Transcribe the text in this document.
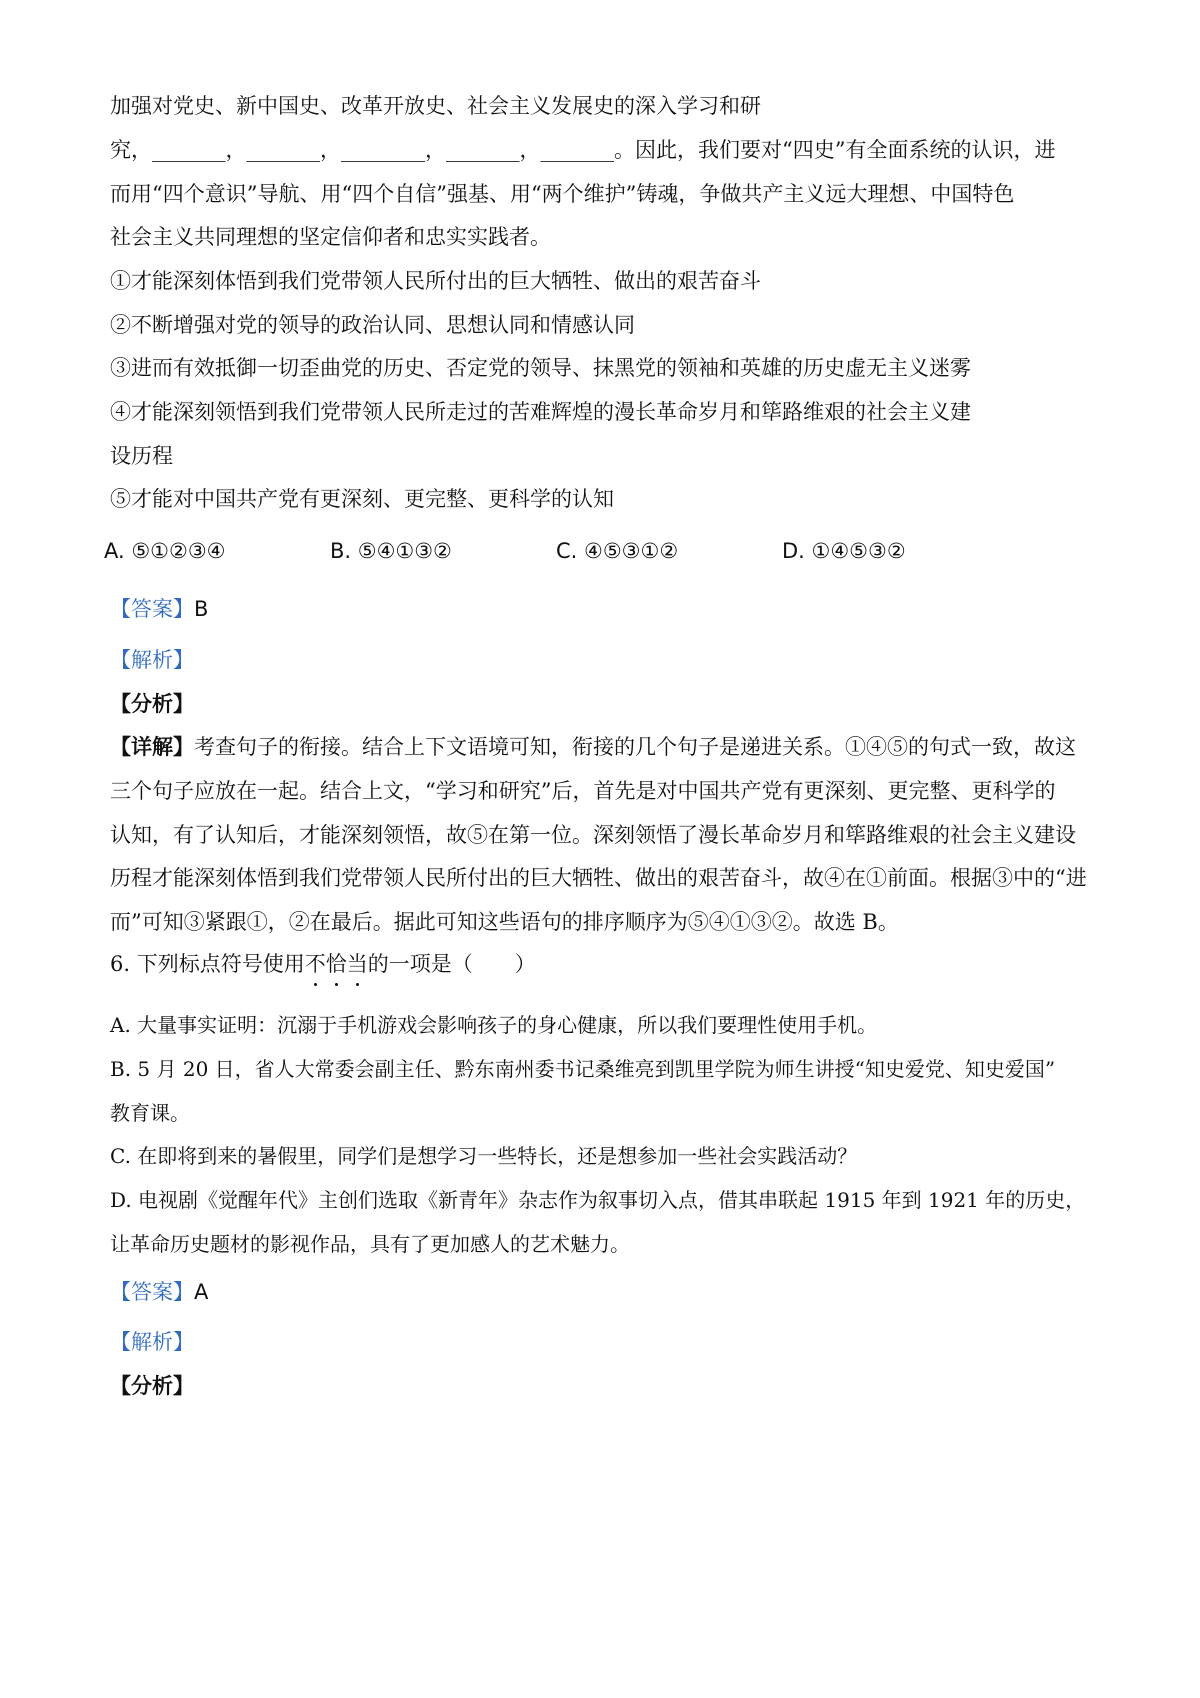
加强对党史、新中国史、改革开放史、社会主义发展史的深入学习和研
究，_______，_______，________，_______，_______。因此，我们要对“四史”有全面系统的认识，进
而用“四个意识”导航、用“四个自信”强基、用“两个维护”铸魂，争做共产主义远大理想、中国特色
社会主义共同理想的坚定信仰者和忠实实践者。
①才能深刻体悟到我们党带领人民所付出的巨大牺牲、做出的艰苦奋斗
②不断增强对党的领导的政治认同、思想认同和情感认同
③进而有效抵御一切歪曲党的历史、否定党的领导、抹黑党的领袖和英雄的历史虚无主义迷雾
④才能深刻领悟到我们党带领人民所走过的苦难辉煌的漫长革命岁月和筚路维艰的社会主义建
设历程
⑤才能对中国共产党有更深刻、更完整、更科学的认知
A. ⑤①②③④	B. ⑤④①③②	C. ④⑤③①②	D. ①④⑤③②
【答案】B
【解析】
【分析】
【详解】考查句子的衔接。结合上下文语境可知，衔接的几个句子是递进关系。①④⑤的句式一致，故这
三个句子应放在一起。结合上文，“学习和研究”后，首先是对中国共产党有更深刻、更完整、更科学的
认知，有了认知后，才能深刻领悟，故⑤在第一位。深刻领悟了漫长革命岁月和筚路维艰的社会主义建设
历程才能深刻体悟到我们党带领人民所付出的巨大牺牲、做出的艰苦奋斗，故④在①前面。根据③中的“进
而”可知③紧跟①，②在最后。据此可知这些语句的排序顺序为⑤④①③②。故选 B。
6. 下列标点符号使用不恰当的一项是（　　）
A. 大量事实证明：沉溺于手机游戏会影响孩子的身心健康，所以我们要理性使用手机。
B. 5 月 20 日，省人大常委会副主任、黔东南州委书记桑维亮到凯里学院为师生讲授“知史爱党、知史爱国”
教育课。
C. 在即将到来的暑假里，同学们是想学习一些特长，还是想参加一些社会实践活动？
D. 电视剧《觉醒年代》主创们选取《新青年》杂志作为叙事切入点，借其串联起 1915 年到 1921 年的历史，
让革命历史题材的影视作品，具有了更加感人的艺术魅力。
【答案】A
【解析】
【分析】
